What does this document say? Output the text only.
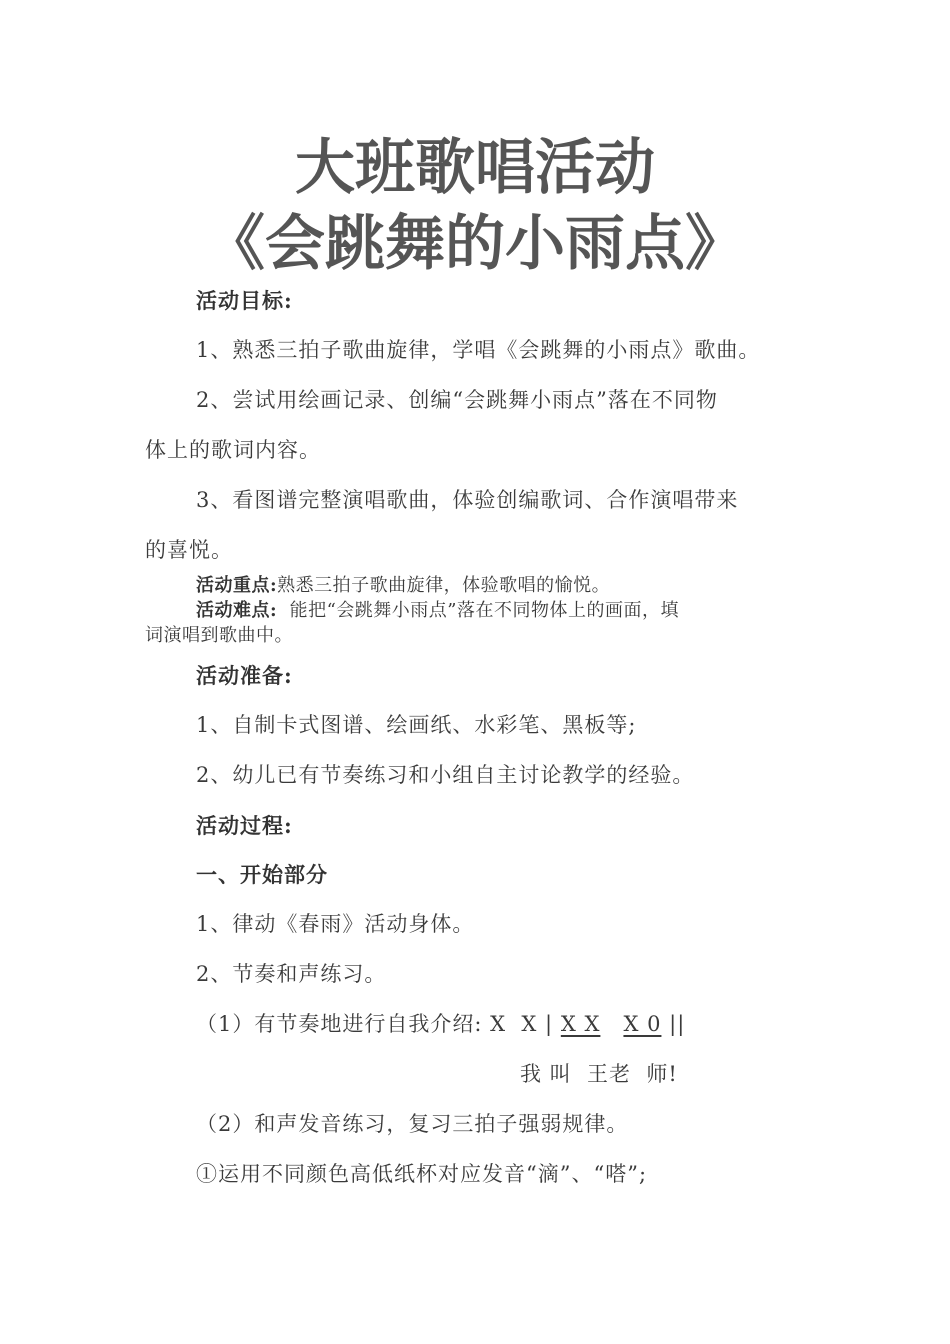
大班歌唱活动
《会跳舞的小雨点》

活动目标:

1、熟悉三拍子歌曲旋律，学唱《会跳舞的小雨点》歌曲。

2、尝试用绘画记录、创编“会跳舞小雨点”落在不同物

体上的歌词内容。

3、看图谱完整演唱歌曲，体验创编歌词、合作演唱带来

的喜悦。

活动重点:熟悉三拍子歌曲旋律，体验歌唱的愉悦。

活动难点: 能把“会跳舞小雨点”落在不同物体上的画面，填

词演唱到歌曲中。

活动准备:

1、自制卡式图谱、绘画纸、水彩笔、黑板等;

2、幼儿已有节奏练习和小组自主讨论教学的经验。

活动过程:

一、开始部分

1、律动《春雨》活动身体。

2、节奏和声练习。

（1）有节奏地进行自我介绍: X  X | X X X 0 ||

我 叫  王老  师!

（2）和声发音练习，复习三拍子强弱规律。

①运用不同颜色高低纸杯对应发音“滴”、“嗒”;
